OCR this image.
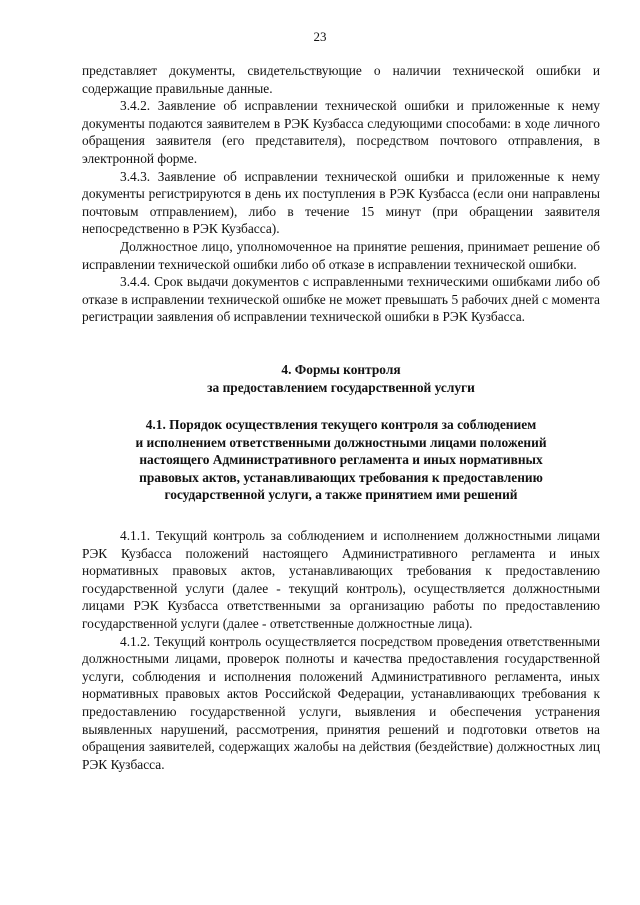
23

представляет документы, свидетельствующие о наличии технической ошибки и содержащие правильные данные.

3.4.2. Заявление об исправлении технической ошибки и приложенные к нему документы подаются заявителем в РЭК Кузбасса следующими способами: в ходе личного обращения заявителя (его представителя), посредством почтового отправления, в электронной форме.

3.4.3. Заявление об исправлении технической ошибки и приложенные к нему документы регистрируются в день их поступления в РЭК Кузбасса (если они направлены почтовым отправлением), либо в течение 15 минут (при обращении заявителя непосредственно в РЭК Кузбасса).

Должностное лицо, уполномоченное на принятие решения, принимает решение об исправлении технической ошибки либо об отказе в исправлении технической ошибки.

3.4.4. Срок выдачи документов с исправленными техническими ошибками либо об отказе в исправлении технической ошибке не может превышать 5 рабочих дней с момента регистрации заявления об исправлении технической ошибки в РЭК Кузбасса.

4. Формы контроля
за предоставлением государственной услуги
4.1. Порядок осуществления текущего контроля за соблюдением
и исполнением ответственными должностными лицами положений
настоящего Административного регламента и иных нормативных
правовых актов, устанавливающих требования к предоставлению
государственной услуги, а также принятием ими решений

4.1.1. Текущий контроль за соблюдением и исполнением должностными лицами РЭК Кузбасса положений настоящего Административного регламента и иных нормативных правовых актов, устанавливающих требования к предоставлению государственной услуги (далее - текущий контроль), осуществляется должностными лицами РЭК Кузбасса ответственными за организацию работы по предоставлению государственной услуги (далее - ответственные должностные лица).

4.1.2. Текущий контроль осуществляется посредством проведения ответственными должностными лицами, проверок полноты и качества предоставления государственной услуги, соблюдения и исполнения положений Административного регламента, иных нормативных правовых актов Российской Федерации, устанавливающих требования к предоставлению государственной услуги, выявления и обеспечения устранения выявленных нарушений, рассмотрения, принятия решений и подготовки ответов на обращения заявителей, содержащих жалобы на действия (бездействие) должностных лиц РЭК Кузбасса.
